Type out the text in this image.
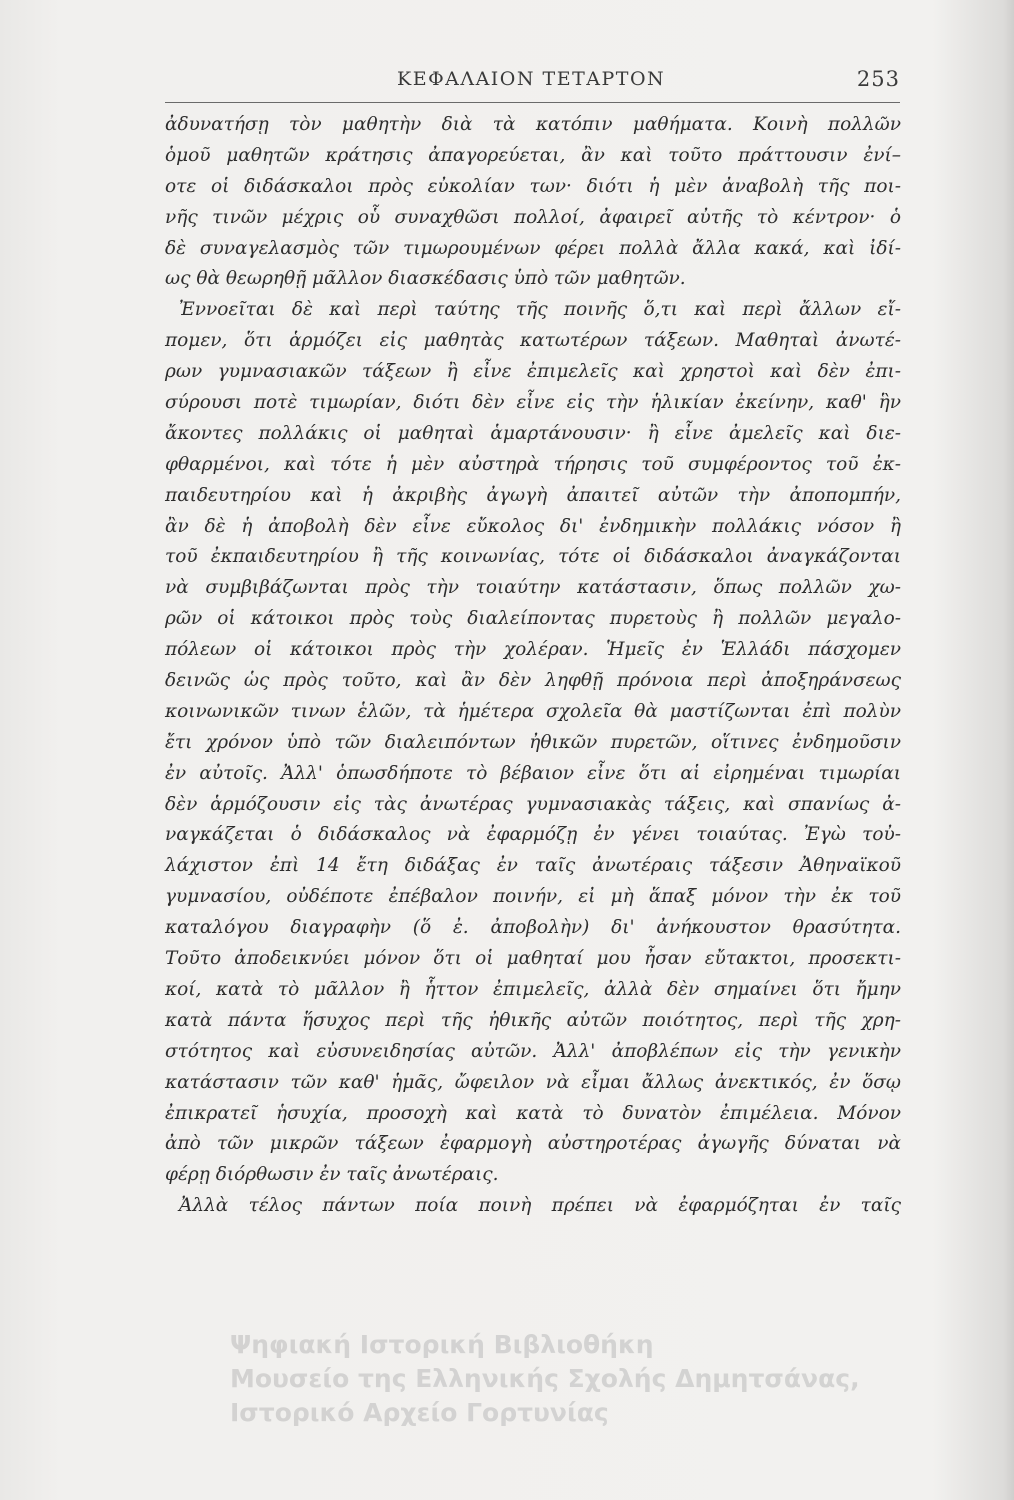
ΚΕΦΑΛΑΙΟΝ ΤΕΤΑΡΤΟΝ	253
ἀδυνατήσῃ τὸν μαθητὴν διὰ τὰ κατόπιν μαθήματα. Κοινὴ πολλῶν
ὁμοῦ μαθητῶν κράτησις ἀπαγορεύεται, ἂν καὶ τοῦτο πράττουσιν ἐνί–
οτε οἱ διδάσκαλοι πρὸς εὐκολίαν των· διότι ἡ μὲν ἀναβολὴ τῆς ποι-
νῆς τινῶν μέχρις οὗ συναχθῶσι πολλοί, ἀφαιρεῖ αὐτῆς τὸ κέντρον· ὁ
δὲ συναγελασμὸς τῶν τιμωρουμένων φέρει πολλὰ ἄλλα κακά, καὶ ἰδί-
ως θὰ θεωρηθῇ μᾶλλον διασκέδασις ὑπὸ τῶν μαθητῶν.
Ἐννοεῖται δὲ καὶ περὶ ταύτης τῆς ποινῆς ὅ,τι καὶ περὶ ἄλλων εἴ-
πομεν, ὅτι ἁρμόζει εἰς μαθητὰς κατωτέρων τάξεων. Μαθηταὶ ἀνωτέ-
ρων γυμνασιακῶν τάξεων ἢ εἶνε ἐπιμελεῖς καὶ χρηστοὶ καὶ δὲν ἐπι-
σύρουσι ποτὲ τιμωρίαν, διότι δὲν εἶνε εἰς τὴν ἡλικίαν ἐκείνην, καθ' ἣν
ἄκοντες πολλάκις οἱ μαθηταὶ ἁμαρτάνουσιν· ἢ εἶνε ἀμελεῖς καὶ διε-
φθαρμένοι, καὶ τότε ἡ μὲν αὐστηρὰ τήρησις τοῦ συμφέροντος τοῦ ἐκ-
παιδευτηρίου καὶ ἡ ἀκριβὴς ἀγωγὴ ἀπαιτεῖ αὐτῶν τὴν ἀποπομπήν,
ἂν δὲ ἡ ἀποβολὴ δὲν εἶνε εὔκολος δι' ἐνδημικὴν πολλάκις νόσον ἢ
τοῦ ἐκπαιδευτηρίου ἢ τῆς κοινωνίας, τότε οἱ διδάσκαλοι ἀναγκάζονται
νὰ συμβιβάζωνται πρὸς τὴν τοιαύτην κατάστασιν, ὅπως πολλῶν χω-
ρῶν οἱ κάτοικοι πρὸς τοὺς διαλείποντας πυρετοὺς ἢ πολλῶν μεγαλο-
πόλεων οἱ κάτοικοι πρὸς τὴν χολέραν. Ἡμεῖς ἐν Ἑλλάδι πάσχομεν
δεινῶς ὡς πρὸς τοῦτο, καὶ ἂν δὲν ληφθῇ πρόνοια περὶ ἀποξηράνσεως
κοινωνικῶν τινων ἑλῶν, τὰ ἡμέτερα σχολεῖα θὰ μαστίζωνται ἐπὶ πολὺν
ἔτι χρόνον ὑπὸ τῶν διαλειπόντων ἠθικῶν πυρετῶν, οἵτινες ἐνδημοῦσιν
ἐν αὐτοῖς. Ἀλλ' ὁπωσδήποτε τὸ βέβαιον εἶνε ὅτι αἱ εἰρημέναι τιμωρίαι
δὲν ἁρμόζουσιν εἰς τὰς ἀνωτέρας γυμνασιακὰς τάξεις, καὶ σπανίως ἀ-
ναγκάζεται ὁ διδάσκαλος νὰ ἐφαρμόζῃ ἐν γένει τοιαύτας. Ἐγὼ τοὐ-
λάχιστον ἐπὶ 14 ἔτη διδάξας ἐν ταῖς ἀνωτέραις τάξεσιν Ἀθηναϊκοῦ
γυμνασίου, οὐδέποτε ἐπέβαλον ποινήν, εἰ μὴ ἅπαξ μόνον τὴν ἐκ τοῦ
καταλόγου διαγραφὴν (ὅ ἐ. ἀποβολὴν) δι' ἀνήκουστον θρασύτητα.
Τοῦτο ἀποδεικνύει μόνον ὅτι οἱ μαθηταί μου ἦσαν εὔτακτοι, προσεκτι-
κοί, κατὰ τὸ μᾶλλον ἢ ἧττον ἐπιμελεῖς, ἀλλὰ δὲν σημαίνει ὅτι ἤμην
κατὰ πάντα ἥσυχος περὶ τῆς ἠθικῆς αὐτῶν ποιότητος, περὶ τῆς χρη-
στότητος καὶ εὐσυνειδησίας αὐτῶν. Ἀλλ' ἀποβλέπων εἰς τὴν γενικὴν
κατάστασιν τῶν καθ' ἡμᾶς, ὤφειλον νὰ εἶμαι ἄλλως ἀνεκτικός, ἐν ὅσῳ
ἐπικρατεῖ ἡσυχία, προσοχὴ καὶ κατὰ τὸ δυνατὸν ἐπιμέλεια. Μόνον
ἀπὸ τῶν μικρῶν τάξεων ἐφαρμογὴ αὐστηροτέρας ἀγωγῆς δύναται νὰ
φέρῃ διόρθωσιν ἐν ταῖς ἀνωτέραις.
Ἀλλὰ τέλος πάντων ποία ποινὴ πρέπει νὰ ἐφαρμόζηται ἐν ταῖς
Ψηφιακή Ιστορική Βιβλιοθήκη
Μουσείο της Ελληνικής Σχολής Δημητσάνας,
Ιστορικό Αρχείο Γορτυνίας
